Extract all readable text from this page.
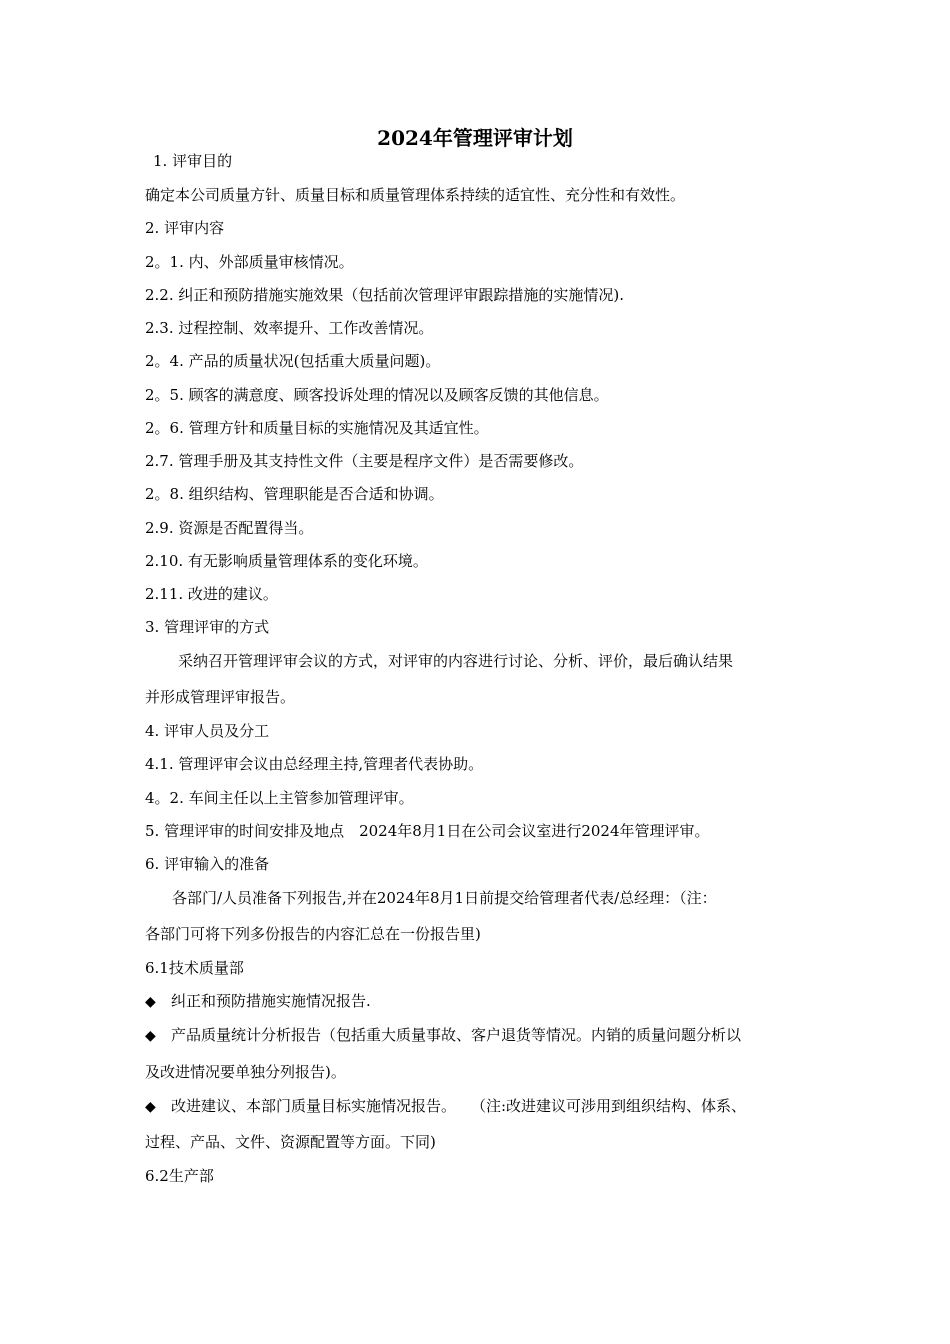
2024年管理评审计划
1. 评审目的
确定本公司质量方针、质量目标和质量管理体系持续的适宜性、充分性和有效性。
2. 评审内容
2。1. 内、外部质量审核情况。
2.2. 纠正和预防措施实施效果（包括前次管理评审跟踪措施的实施情况).
2.3. 过程控制、效率提升、工作改善情况。
2。4. 产品的质量状况(包括重大质量问题)。
2。5. 顾客的满意度、顾客投诉处理的情况以及顾客反馈的其他信息。
2。6. 管理方针和质量目标的实施情况及其适宜性。
2.7. 管理手册及其支持性文件（主要是程序文件）是否需要修改。
2。8. 组织结构、管理职能是否合适和协调。
2.9. 资源是否配置得当。
2.10. 有无影响质量管理体系的变化环境。
2.11. 改进的建议。
3. 管理评审的方式
采纳召开管理评审会议的方式，对评审的内容进行讨论、分析、评价，最后确认结果
并形成管理评审报告。
4. 评审人员及分工
4.1. 管理评审会议由总经理主持,管理者代表协助。
4。2. 车间主任以上主管参加管理评审。
5. 管理评审的时间安排及地点　2024年8月1日在公司会议室进行2024年管理评审。
6. 评审输入的准备
各部门/人员准备下列报告,并在2024年8月1日前提交给管理者代表/总经理：（注：
各部门可将下列多份报告的内容汇总在一份报告里)
6.1技术质量部
◆ 纠正和预防措施实施情况报告.
◆ 产品质量统计分析报告（包括重大质量事故、客户退货等情况。内销的质量问题分析以
及改进情况要单独分列报告)。
◆ 改进建议、本部门质量目标实施情况报告。　　（注:改进建议可涉用到组织结构、体系、
过程、产品、文件、资源配置等方面。下同)
6.2生产部
